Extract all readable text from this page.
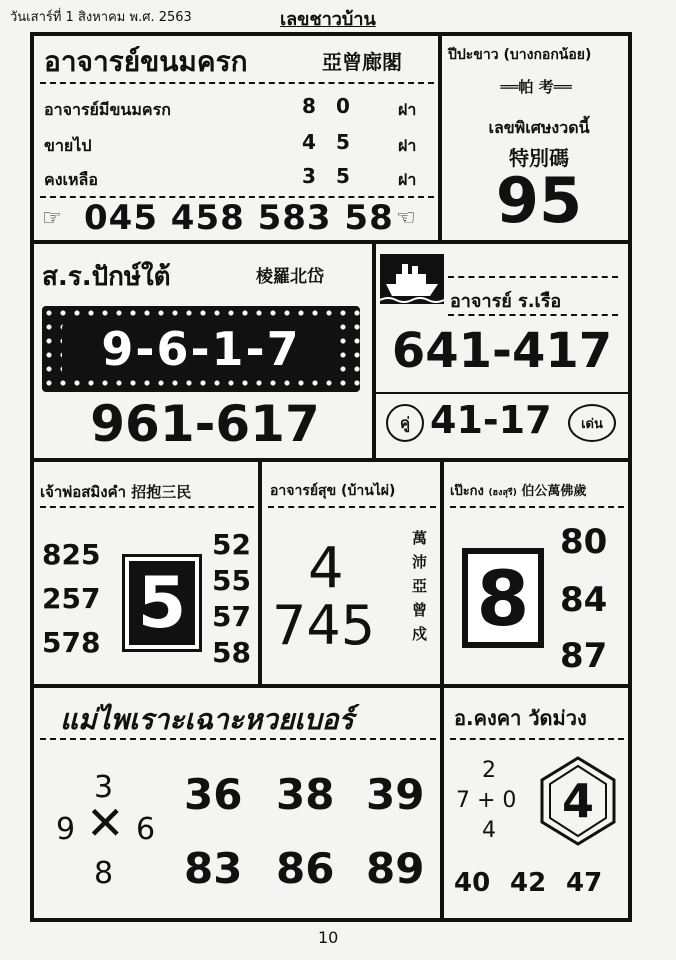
วันเสาร์ที่ 1 สิงหาคม พ.ศ. 2563	เลขชาวบ้าน
อาจารย์ขนมครก	亞曾廊閣
อาจารย์มีขนมครก	8 0	ฝา
ขายไป	4 5	ฝา
คงเหลือ	3 5	ฝา
☞ 045 458 583 58 ☜
ปีปะขาว (บางกอกน้อย)
══帕 考══
เลขพิเศษงวดนี้
特別碼
95
ส.ร.ปักษ์ใต้	棱羅北岱
9-6-1-7
961-617
อาจารย์ ร.เรือ
641-417
คู่ 41-17	เด่น
เจ้าพ่อสมิงคำ 招抱三民
825
257
578 5
52
55
57
58
อาจารย์สุข (บ้านไผ่)
4
745
萬沛亞曾戍
เป๊ะกง (ฮงสุรี) 伯公萬佛歲
8
80
84
87
แม่ไพเราะเฉาะหวยเบอร์
3
9 ✕ 6
8
36 38 39
83 86 89
อ.คงคา วัดม่วง
2
7 + 0
4
4
40 42 47
10
